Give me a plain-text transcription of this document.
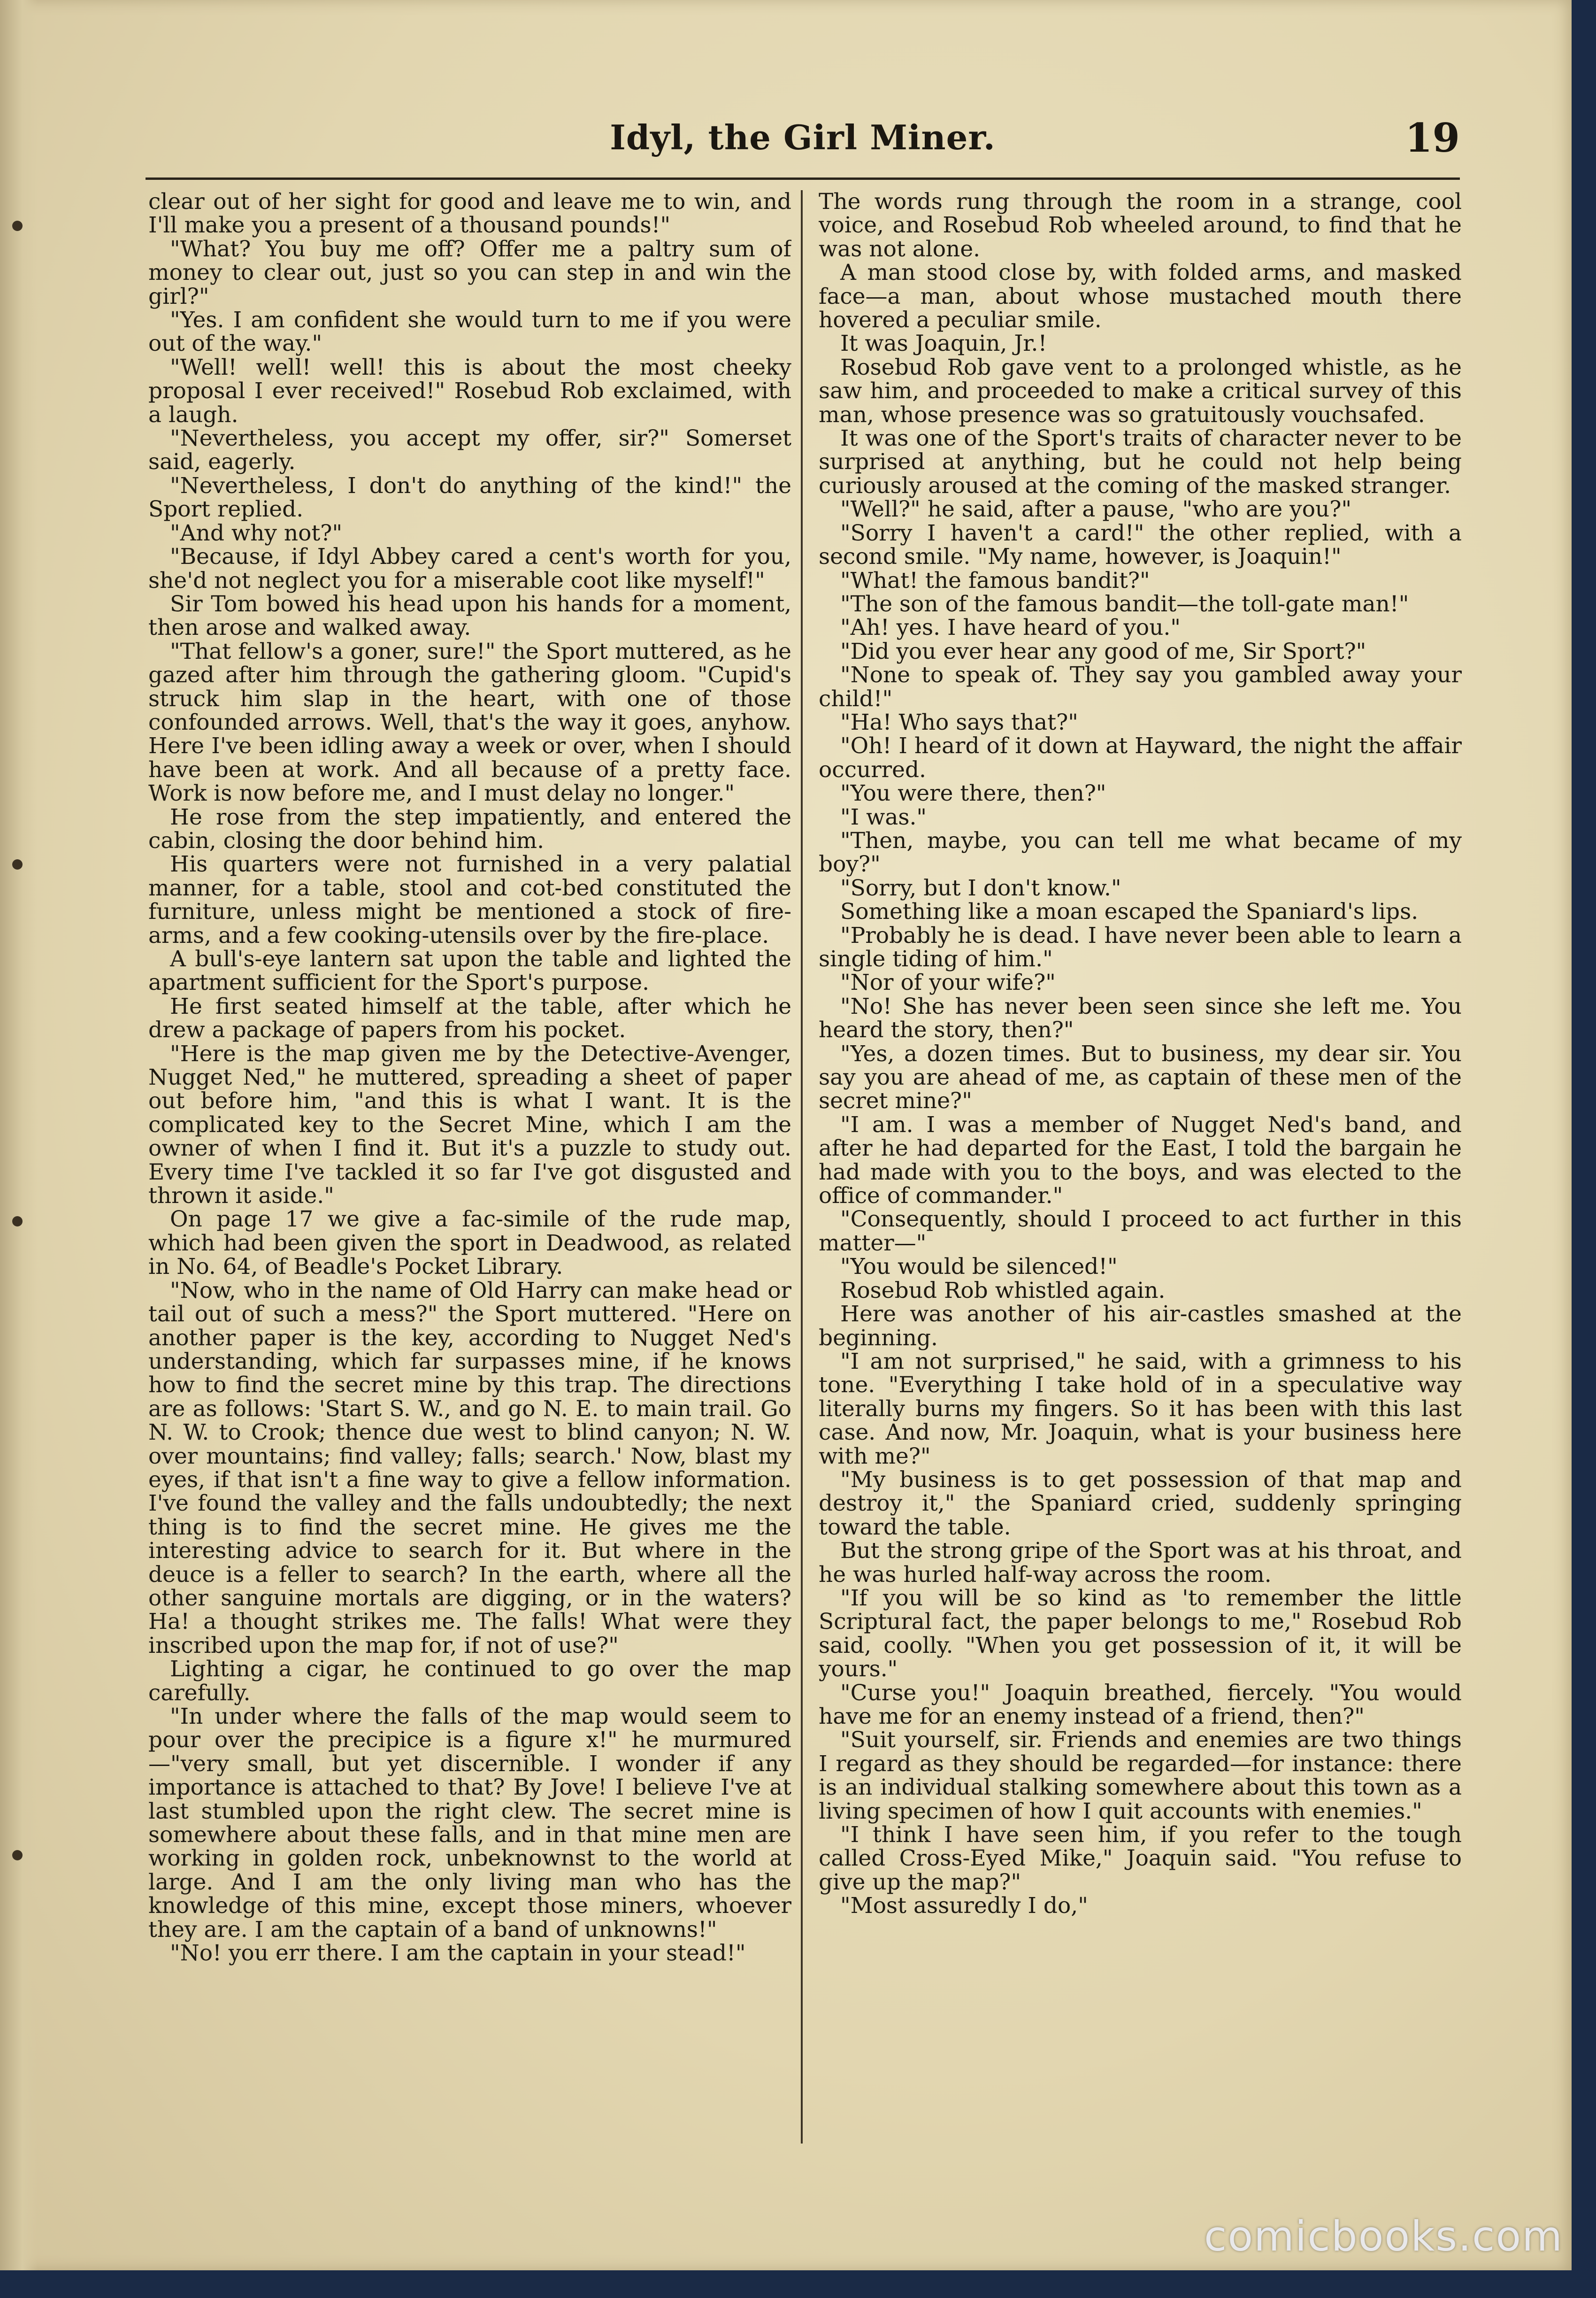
Idyl, the Girl Miner.	19

clear out of her sight for good and leave me to win, and I'll make you a present of a thousand pounds!"

"What? You buy me off? Offer me a paltry sum of money to clear out, just so you can step in and win the girl?"

"Yes. I am confident she would turn to me if you were out of the way."

"Well! well! well! this is about the most cheeky proposal I ever received!" Rosebud Rob exclaimed, with a laugh.

"Nevertheless, you accept my offer, sir?" Somerset said, eagerly.

"Nevertheless, I don't do anything of the kind!" the Sport replied.

"And why not?"

"Because, if Idyl Abbey cared a cent's worth for you, she'd not neglect you for a miserable coot like myself!"

Sir Tom bowed his head upon his hands for a moment, then arose and walked away.

"That fellow's a goner, sure!" the Sport muttered, as he gazed after him through the gathering gloom. "Cupid's struck him slap in the heart, with one of those confounded arrows. Well, that's the way it goes, anyhow. Here I've been idling away a week or over, when I should have been at work. And all because of a pretty face. Work is now before me, and I must delay no longer."

He rose from the step impatiently, and entered the cabin, closing the door behind him.

His quarters were not furnished in a very palatial manner, for a table, stool and cot-bed constituted the furniture, unless might be mentioned a stock of fire-arms, and a few cooking-utensils over by the fire-place.

A bull's-eye lantern sat upon the table and lighted the apartment sufficient for the Sport's purpose.

He first seated himself at the table, after which he drew a package of papers from his pocket.

"Here is the map given me by the Detective-Avenger, Nugget Ned," he muttered, spreading a sheet of paper out before him, "and this is what I want. It is the complicated key to the Secret Mine, which I am the owner of when I find it. But it's a puzzle to study out. Every time I've tackled it so far I've got disgusted and thrown it aside."

On page 17 we give a fac-simile of the rude map, which had been given the sport in Deadwood, as related in No. 64, of Beadle's Pocket Library.

"Now, who in the name of Old Harry can make head or tail out of such a mess?" the Sport muttered. "Here on another paper is the key, according to Nugget Ned's understanding, which far surpasses mine, if he knows how to find the secret mine by this trap. The directions are as follows: 'Start S. W., and go N. E. to main trail. Go N. W. to Crook; thence due west to blind canyon; N. W. over mountains; find valley; falls; search.' Now, blast my eyes, if that isn't a fine way to give a fellow information. I've found the valley and the falls undoubtedly; the next thing is to find the secret mine. He gives me the interesting advice to search for it. But where in the deuce is a feller to search? In the earth, where all the other sanguine mortals are digging, or in the waters? Ha! a thought strikes me. The falls! What were they inscribed upon the map for, if not of use?"

Lighting a cigar, he continued to go over the map carefully.

"In under where the falls of the map would seem to pour over the precipice is a figure x!" he murmured—"very small, but yet discernible. I wonder if any importance is attached to that? By Jove! I believe I've at last stumbled upon the right clew. The secret mine is somewhere about these falls, and in that mine men are working in golden rock, unbeknownst to the world at large. And I am the only living man who has the knowledge of this mine, except those miners, whoever they are. I am the captain of a band of unknowns!"

"No! you err there. I am the captain in your stead!"

The words rung through the room in a strange, cool voice, and Rosebud Rob wheeled around, to find that he was not alone.

A man stood close by, with folded arms, and masked face—a man, about whose mustached mouth there hovered a peculiar smile.

It was Joaquin, Jr.!

Rosebud Rob gave vent to a prolonged whistle, as he saw him, and proceeded to make a critical survey of this man, whose presence was so gratuitously vouchsafed.

It was one of the Sport's traits of character never to be surprised at anything, but he could not help being curiously aroused at the coming of the masked stranger.

"Well?" he said, after a pause, "who are you?"

"Sorry I haven't a card!" the other replied, with a second smile. "My name, however, is Joaquin!"

"What! the famous bandit?"

"The son of the famous bandit—the toll-gate man!"

"Ah! yes. I have heard of you."

"Did you ever hear any good of me, Sir Sport?"

"None to speak of. They say you gambled away your child!"

"Ha! Who says that?"

"Oh! I heard of it down at Hayward, the night the affair occurred.

"You were there, then?"

"I was."

"Then, maybe, you can tell me what became of my boy?"

"Sorry, but I don't know."

Something like a moan escaped the Spaniard's lips.

"Probably he is dead. I have never been able to learn a single tiding of him."

"Nor of your wife?"

"No! She has never been seen since she left me. You heard the story, then?"

"Yes, a dozen times. But to business, my dear sir. You say you are ahead of me, as captain of these men of the secret mine?"

"I am. I was a member of Nugget Ned's band, and after he had departed for the East, I told the bargain he had made with you to the boys, and was elected to the office of commander."

"Consequently, should I proceed to act further in this matter—"

"You would be silenced!"

Rosebud Rob whistled again.

Here was another of his air-castles smashed at the beginning.

"I am not surprised," he said, with a grimness to his tone. "Everything I take hold of in a speculative way literally burns my fingers. So it has been with this last case. And now, Mr. Joaquin, what is your business here with me?"

"My business is to get possession of that map and destroy it," the Spaniard cried, suddenly springing toward the table.

But the strong gripe of the Sport was at his throat, and he was hurled half-way across the room.

"If you will be so kind as 'to remember the little Scriptural fact, the paper belongs to me," Rosebud Rob said, coolly. "When you get possession of it, it will be yours."

"Curse you!" Joaquin breathed, fiercely. "You would have me for an enemy instead of a friend, then?"

"Suit yourself, sir. Friends and enemies are two things I regard as they should be regarded—for instance: there is an individual stalking somewhere about this town as a living specimen of how I quit accounts with enemies."

"I think I have seen him, if you refer to the tough called Cross-Eyed Mike," Joaquin said. "You refuse to give up the map?"

"Most assuredly I do,"

comicbooks.com
